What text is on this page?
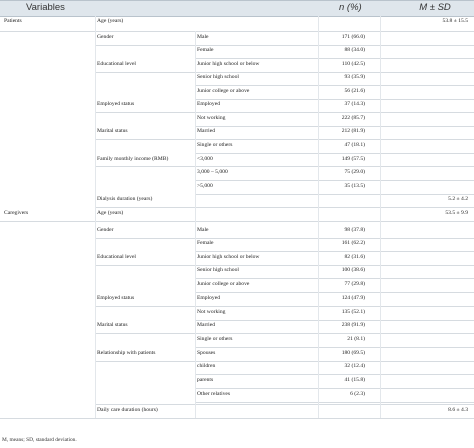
Variables	n (%)	M ± SD
Patients	Age (years)	53.8 ± 15.5
Gender	Male	171 (66.0)
Female	88 (34.0)
Educational level	Junior high school or below	110 (42.5)
Senior high school	93 (35.9)
Junior college or above	56 (21.6)
Employed status	Employed	37 (14.3)
Not working	222 (85.7)
Marital status	Married	212 (81.9)
Single or others	47 (18.1)
Family monthly income (RMB)	<3,000	149 (57.5)
3,000 – 5,000	75 (29.0)
>5,000	35 (13.5)
Dialysis duration (years)	5.2 ± 4.2
Caregivers	Age (years)	53.5 ± 9.9
Gender	Male	98 (37.8)
Female	161 (62.2)
Educational level	Junior high school or below	82 (31.6)
Senior high school	100 (38.6)
Junior college or above	77 (29.8)
Employed status	Employed	124 (47.9)
Not working	135 (52.1)
Marital status	Married	238 (91.9)
Single or others	21 (8.1)
Relationship with patients	Spouses	180 (69.5)
children	32 (12.4)
parents	41 (15.8)
Other relatives	6 (2.3)
Daily care duration (hours)	8.6 ± 4.3
M, means; SD, standard deviation.
